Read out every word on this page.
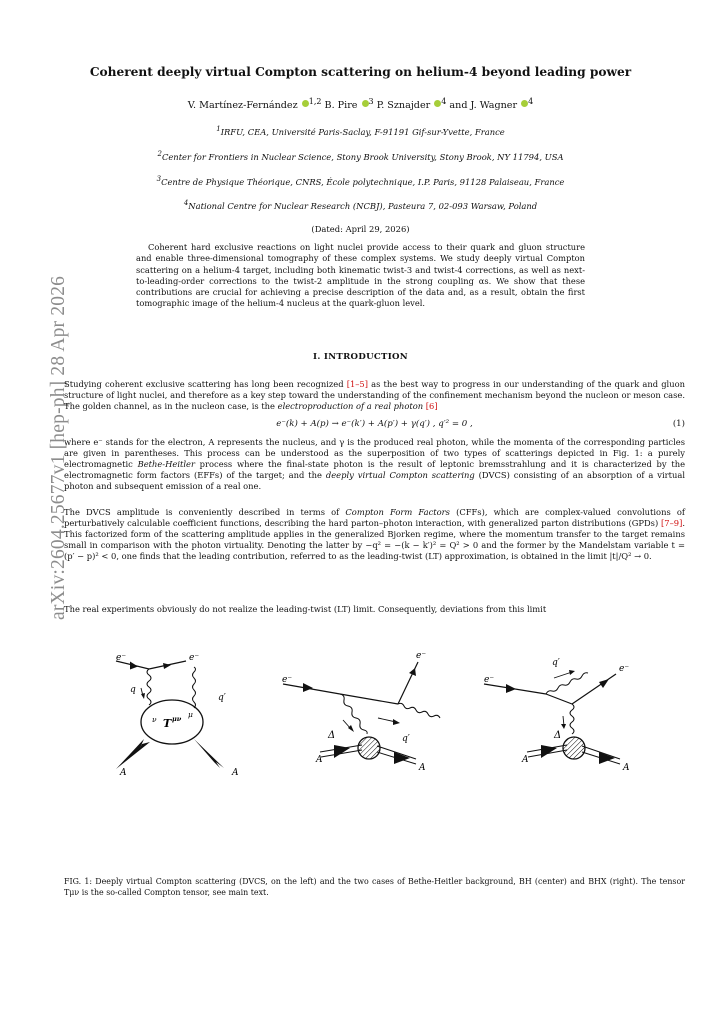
arXiv:2604.25677v1 [hep-ph] 28 Apr 2026
Coherent deeply virtual Compton scattering on helium-4 beyond leading power
V. Martínez-Fernández $^{1,2}$ B. Pire $^3$ P. Sznajder $^4$ and J. Wagner $^4$
$^1$IRFU, CEA, Université Paris-Saclay, F-91191 Gif-sur-Yvette, France
$^2$Center for Frontiers in Nuclear Science, Stony Brook University, Stony Brook, NY 11794, USA
$^3$Centre de Physique Théorique, CNRS, École polytechnique, I.P. Paris, 91128 Palaiseau, France
$^4$National Centre for Nuclear Research (NCBJ), Pasteura 7, 02-093 Warsaw, Poland
(Dated: April 29, 2026)
Coherent hard exclusive reactions on light nuclei provide access to their quark and gluon structure and enable three-dimensional tomography of these complex systems. We study deeply virtual Compton scattering on a helium-4 target, including both kinematic twist-3 and twist-4 corrections, as well as next-to-leading-order corrections to the twist-2 amplitude in the strong coupling αs. We show that these contributions are crucial for achieving a precise description of the data and, as a result, obtain the first tomographic image of the helium-4 nucleus at the quark-gluon level.
I. INTRODUCTION
Studying coherent exclusive scattering has long been recognized [1–5] as the best way to progress in our understanding of the quark and gluon structure of light nuclei, and therefore as a key step toward the understanding of the confinement mechanism beyond the nucleon or meson case. The golden channel, as in the nucleon case, is the electroproduction of a real photon [6]
e⁻(k) + A(p) → e⁻(k′) + A(p′) + γ(q′) , q′² = 0 ,	(1)
where e⁻ stands for the electron, A represents the nucleus, and γ is the produced real photon, while the momenta of the corresponding particles are given in parentheses. This process can be understood as the superposition of two types of scatterings depicted in Fig. 1: a purely electromagnetic Bethe-Heitler process where the final-state photon is the result of leptonic bremsstrahlung and it is characterized by the electromagnetic form factors (EFFs) of the target; and the deeply virtual Compton scattering (DVCS) consisting of an absorption of a virtual photon and subsequent emission of a real one.
The DVCS amplitude is conveniently described in terms of Compton Form Factors (CFFs), which are complex-valued convolutions of perturbatively calculable coefficient functions, describing the hard parton–photon interaction, with generalized parton distributions (GPDs) [7–9]. This factorized form of the scattering amplitude applies in the generalized Bjorken regime, where the momentum transfer to the target remains small in comparison with the photon virtuality. Denoting the latter by −q² = −(k − k′)² = Q² > 0 and the former by the Mandelstam variable t = (p′ − p)² < 0, one finds that the leading contribution, referred to as the leading-twist (LT) approximation, is obtained in the limit |t|/Q² → 0.
The real experiments obviously do not realize the leading-twist (LT) limit. Consequently, deviations from this limit
e⁻	e⁻
q
q′
ν
μ
T μν
A	A
e⁻
e⁻
q′
Δ
A
A
e⁻
e⁻
q′
Δ
A
A
FIG. 1: Deeply virtual Compton scattering (DVCS, on the left) and the two cases of Bethe-Heitler background, BH (center) and BHX (right). The tensor Tμν is the so-called Compton tensor, see main text.
